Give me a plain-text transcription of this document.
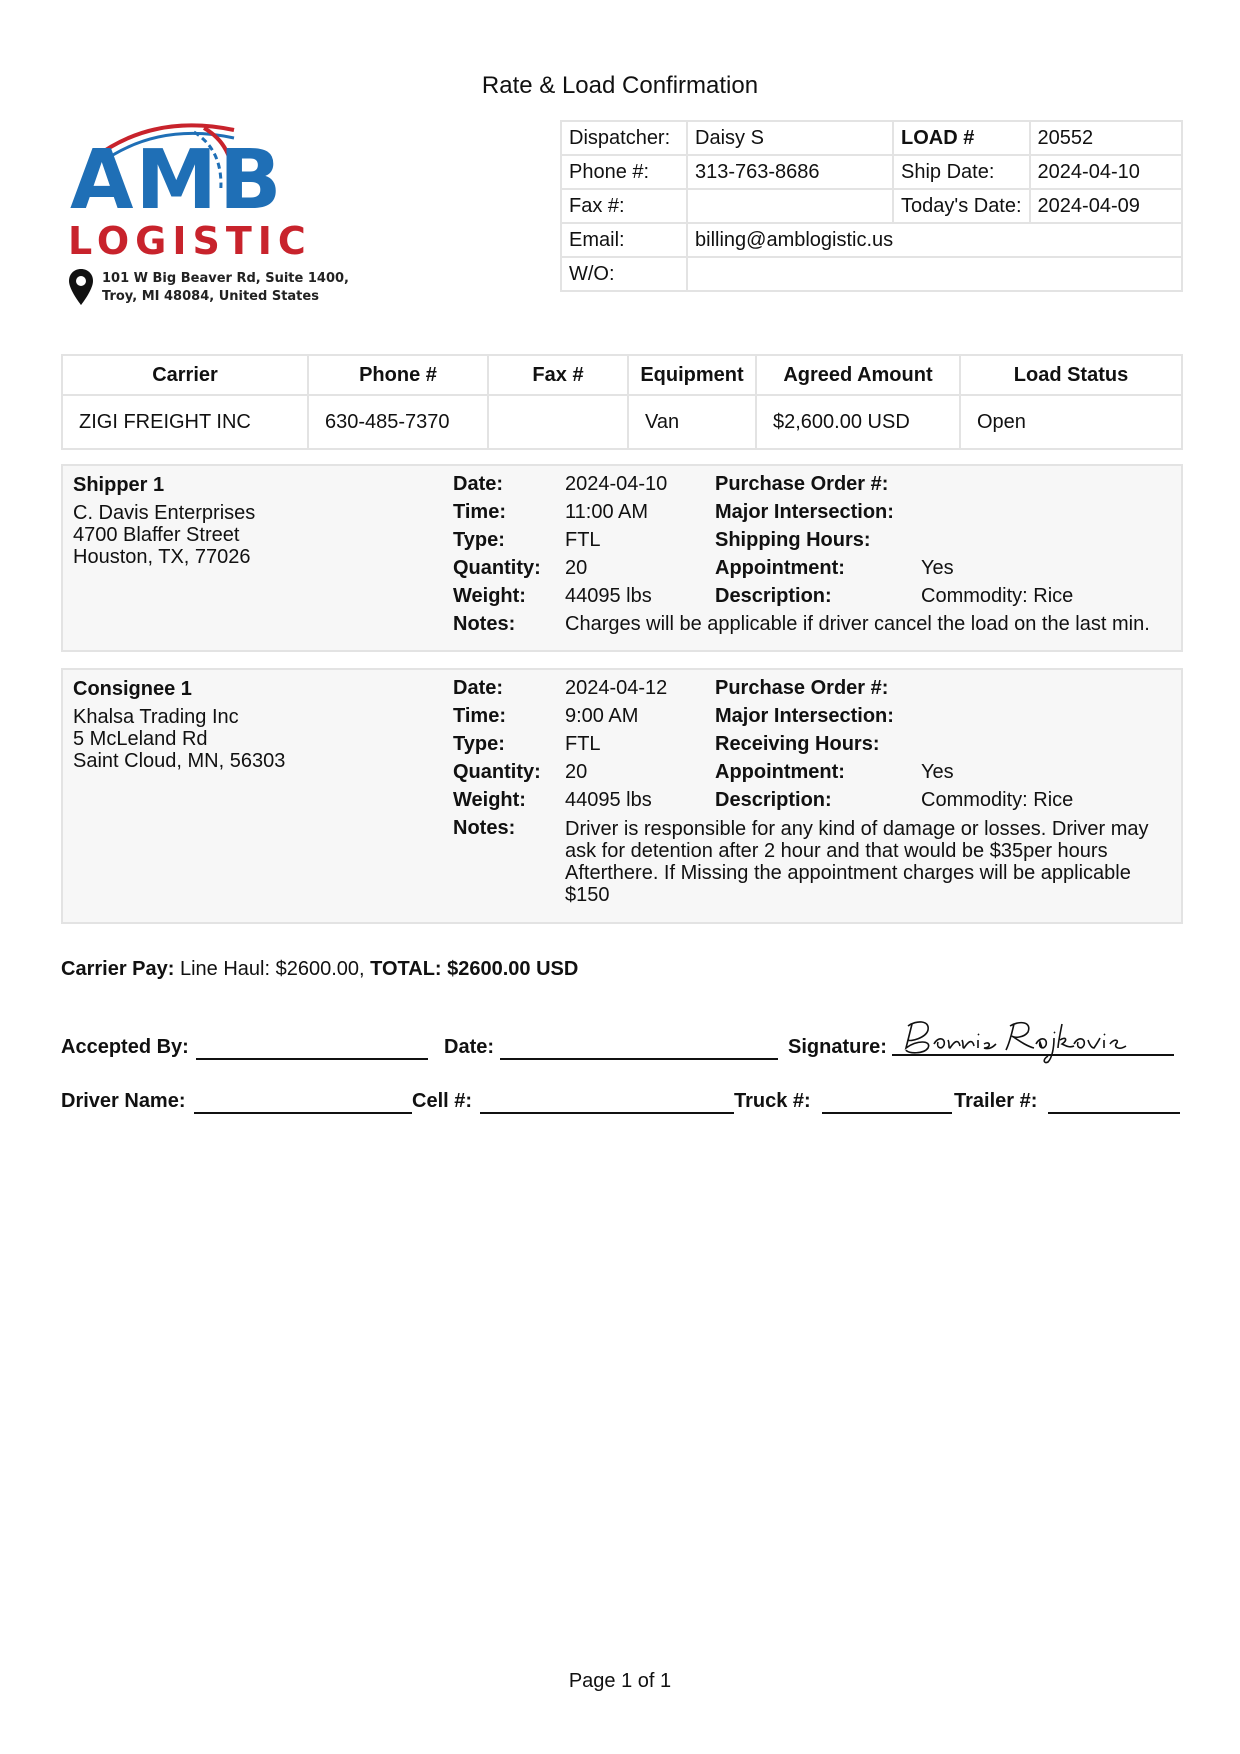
Rate & Load Confirmation
AMB
LOGISTIC
101 W Big Beaver Rd, Suite 1400,
Troy, MI 48084, United States
Dispatcher:	Daisy S	LOAD #	20552
Phone #:	313-763-8686	Ship Date:	2024-04-10
Fax #:		Today's Date:	2024-04-09
Email:	billing@amblogistic.us		
W/O:			
Carrier	Phone #	Fax #	Equipment	Agreed Amount	Load Status
ZIGI FREIGHT INC	630-485-7370		Van	$2,600.00 USD	Open
Shipper 1
C. Davis Enterprises
4700 Blaffer Street
Houston, TX, 77026
Date:	2024-04-10 Purchase Order #:
Time:	11:00 AM	Major Intersection:
Type:	FTL	Shipping Hours:
Quantity: 20	Appointment:	Yes
Weight: 44095 lbs	Description:	Commodity: Rice
Notes: Charges will be applicable if driver cancel the load on the last min.
Consignee 1
Khalsa Trading Inc
5 McLeland Rd
Saint Cloud, MN, 56303
Date:	2024-04-12 Purchase Order #:
Time:	9:00 AM	Major Intersection:
Type:	FTL	Receiving Hours:
Quantity: 20	Appointment:	Yes
Weight: 44095 lbs	Description:	Commodity: Rice
Notes: Driver is responsible for any kind of damage or losses. Driver may ask for detention after 2 hour and that would be $35per hours Afterthere. If Missing the appointment charges will be applicable $150
Carrier Pay: Line Haul: $2600.00, TOTAL: $2600.00 USD
Accepted By:	Date:	Signature:
Driver Name:	Cell #:	Truck #:	Trailer #:
Page 1 of 1
